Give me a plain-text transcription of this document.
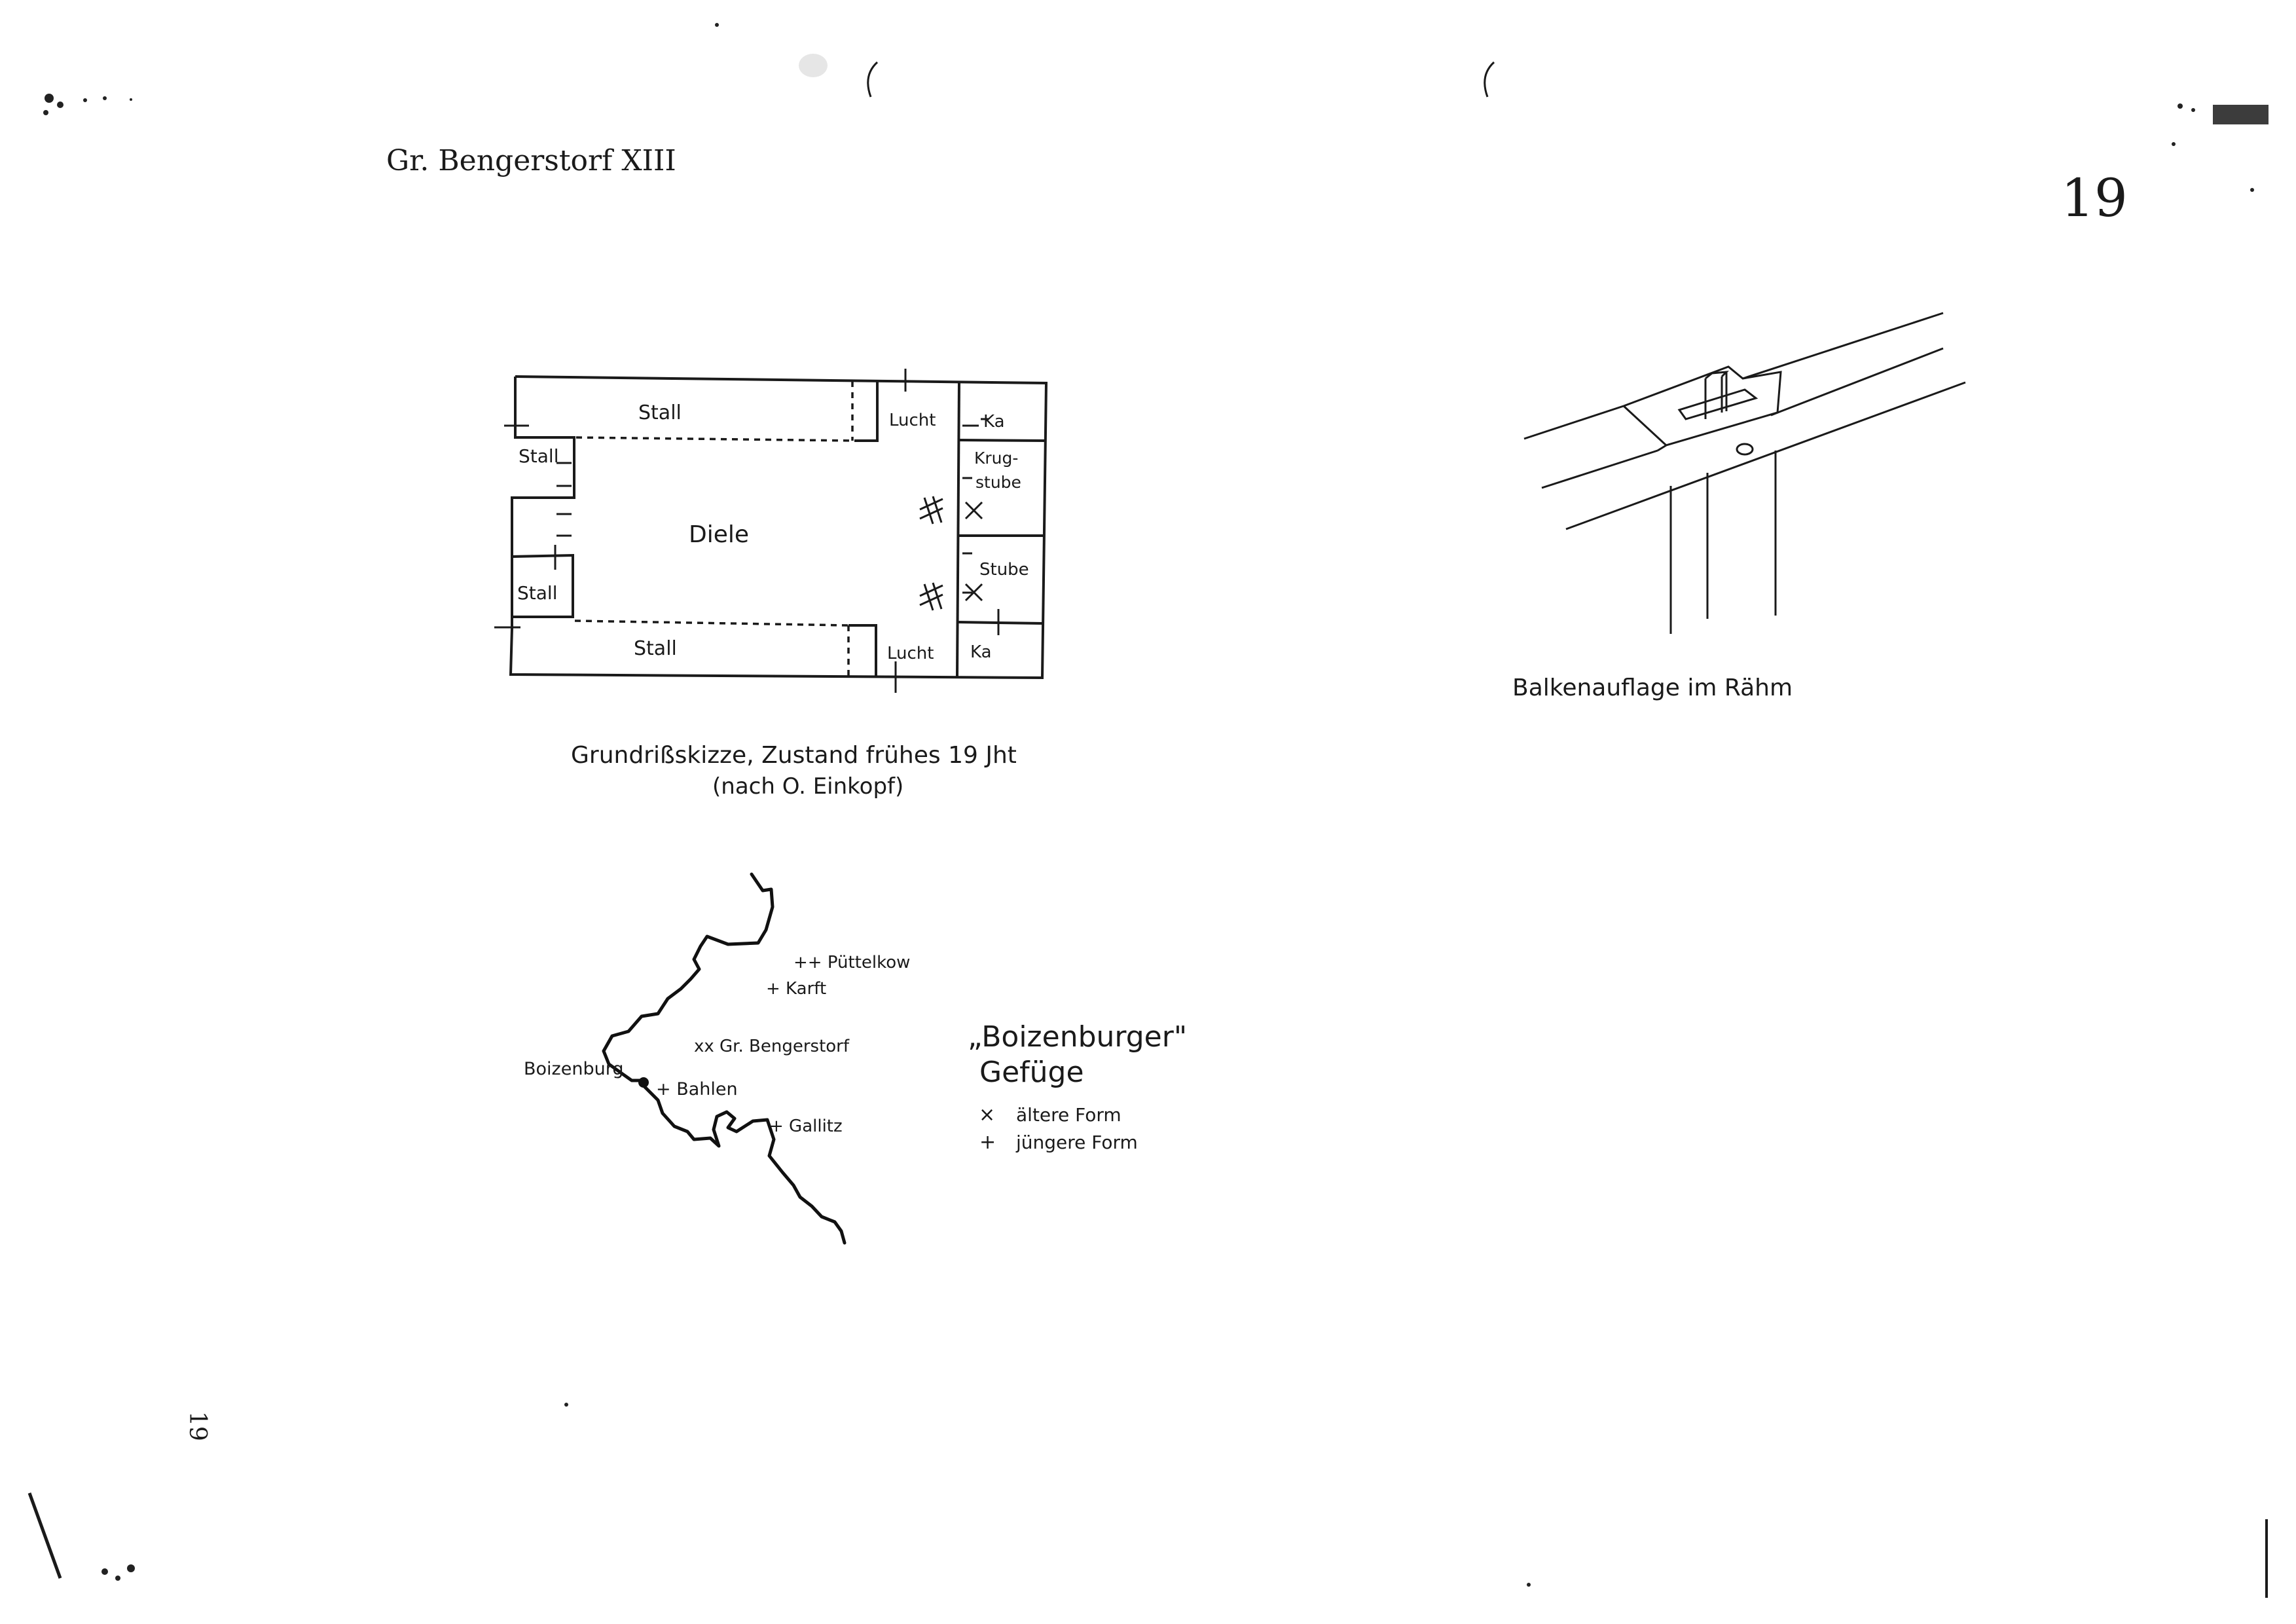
Gr. Bengerstorf XIII
19
19
Stall
Stall
Stall
Stall
Diele
Lucht
Lucht
Ka
Ka
Krug-
stube
Stube
Grundrißskizze, Zustand frühes 19 Jht
(nach O. Einkopf)
Balkenauflage im Rähm
++ Püttelkow
+ Karft
xx Gr. Bengerstorf
Boizenburg
+ Bahlen
+ Gallitz
„Boizenburger"
Gefüge
× ältere Form
+ jüngere Form
